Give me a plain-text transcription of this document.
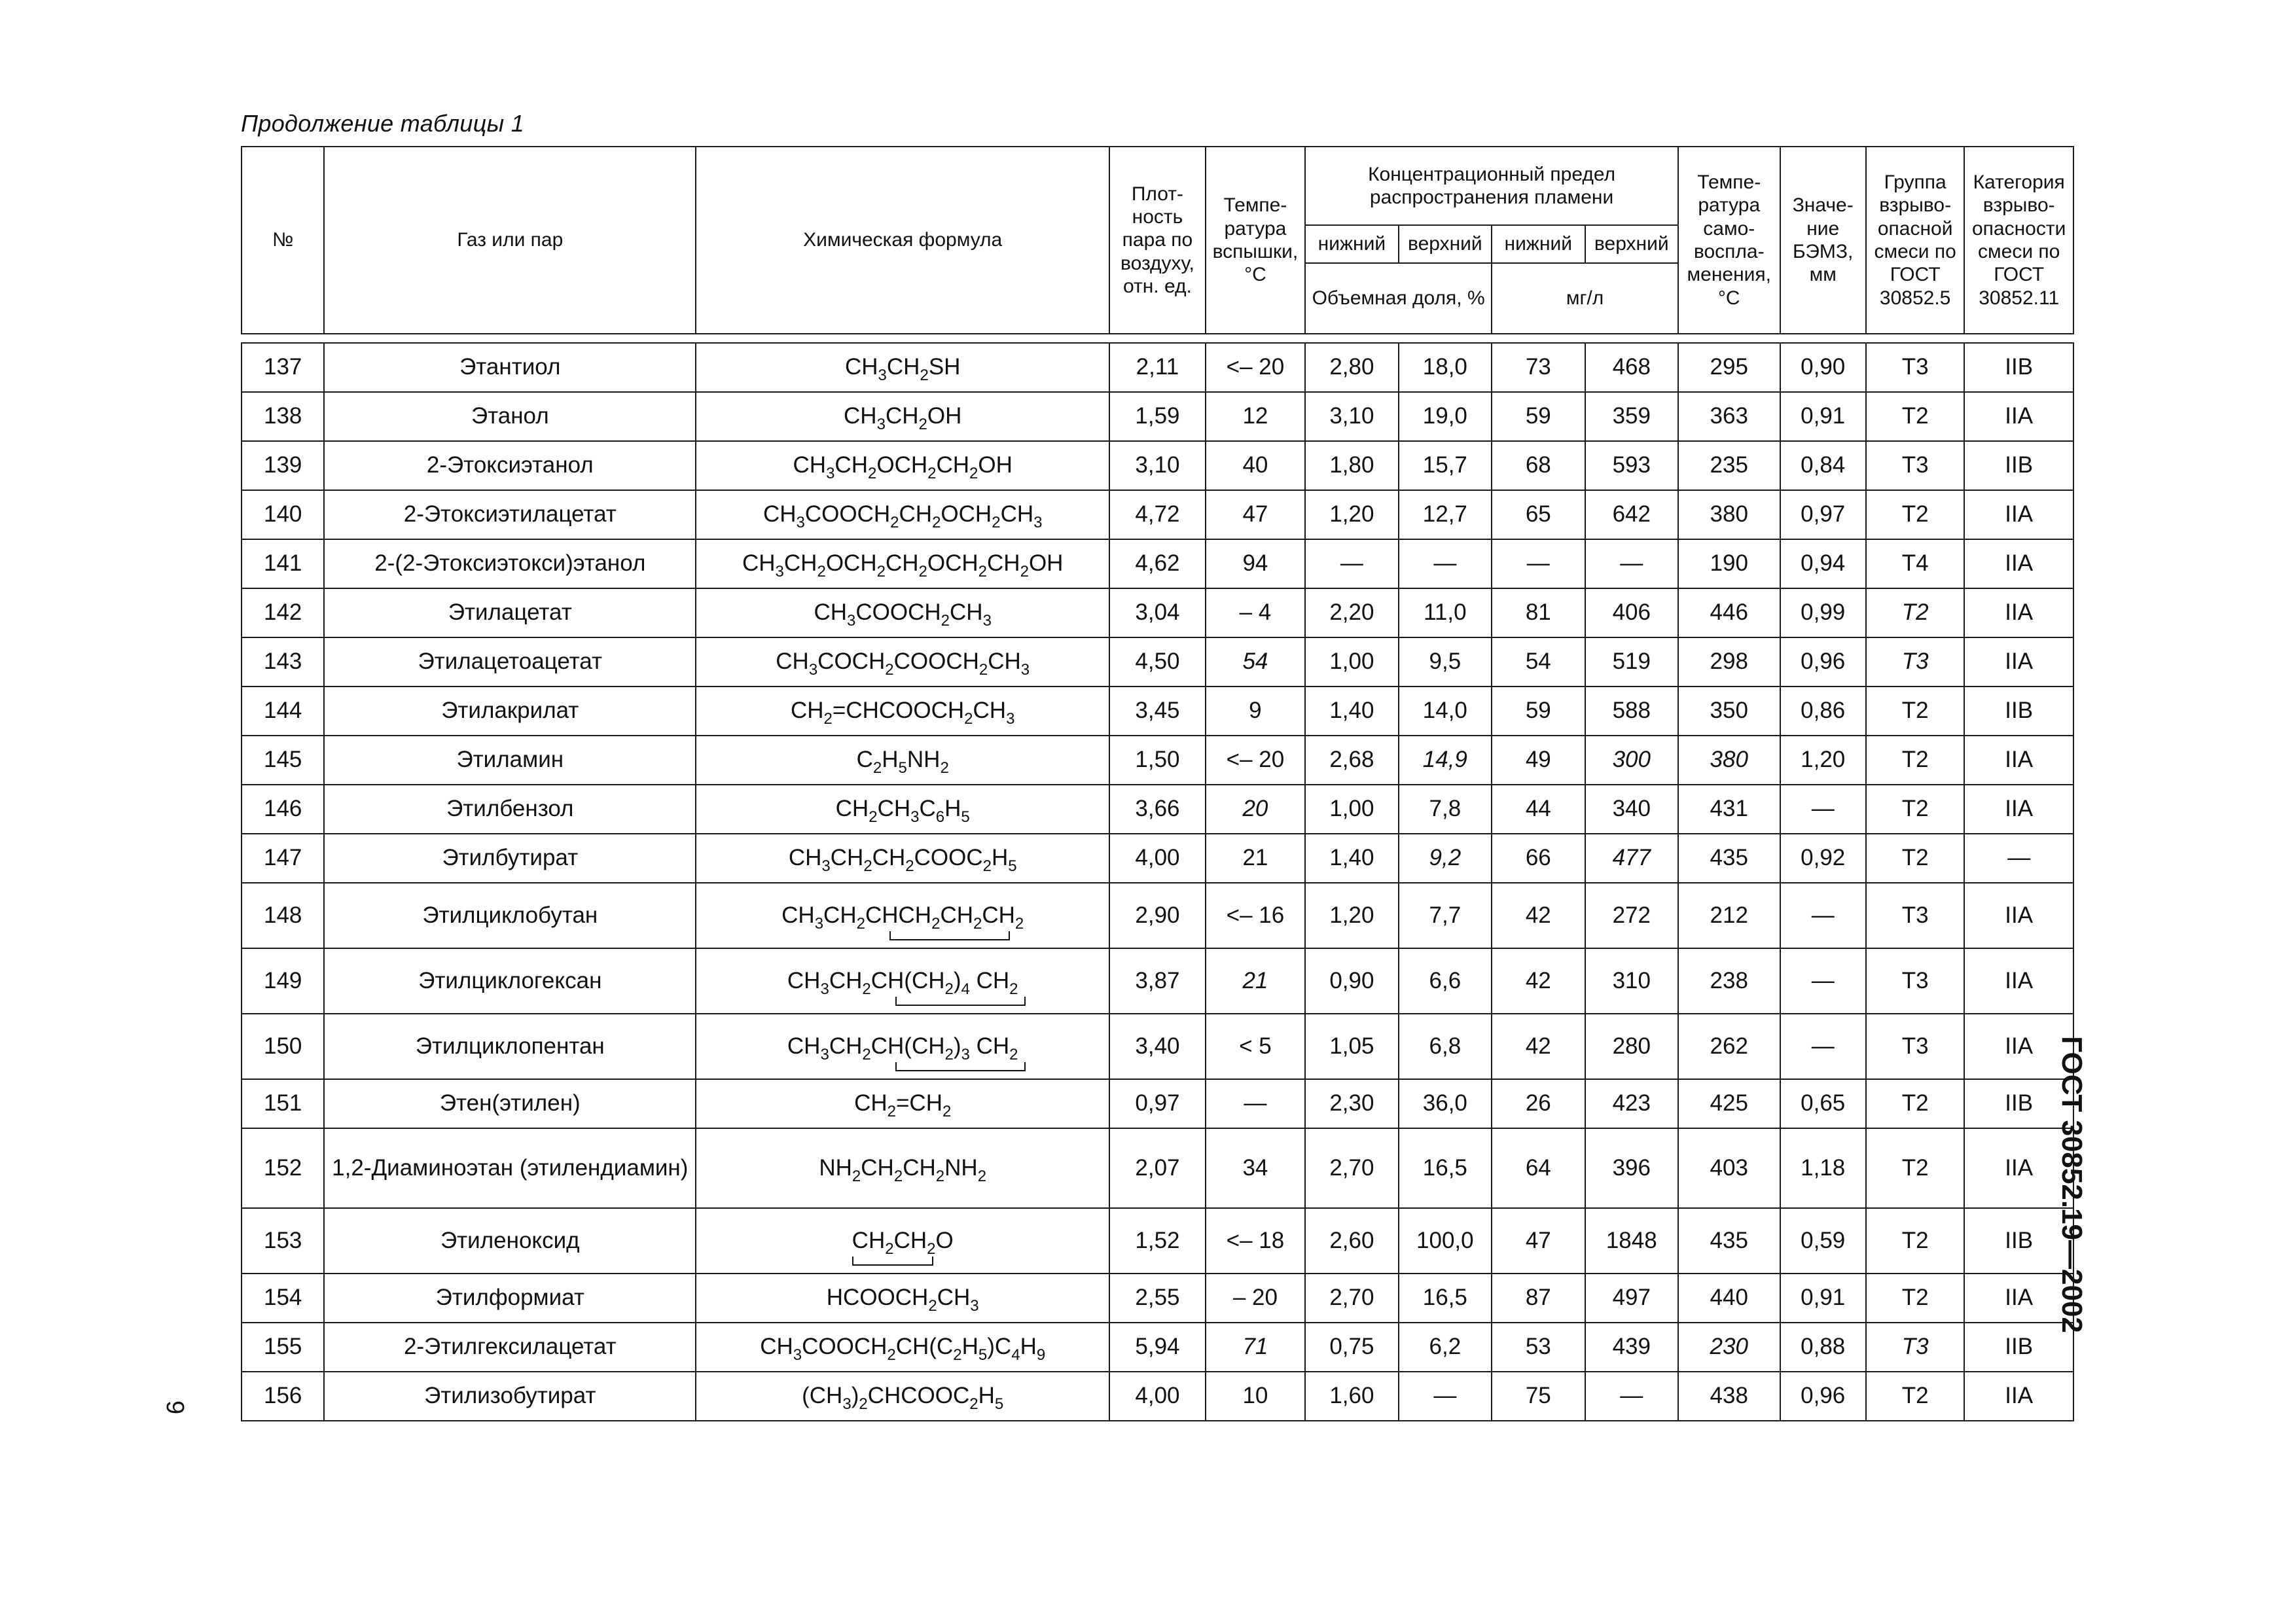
Продолжение таблицы 1
№	Газ или пар	Химическая формула	Плот-ность пара по воздуху, отн. ед.	Темпе-ратура вспышки, °С	Концентрационный предел распространения пламени				Темпе-ратура само-воспла-менения, °С	Значе-ние БЭМЗ, мм	Группа взрыво-опасной смеси по ГОСТ 30852.5	Категория взрыво-опасности смеси по ГОСТ 30852.11
					нижний	верхний	нижний	верхний				
					Объемная доля, %		мг/л					

137	Этантиол	$CH_3CH_2SH$	2,11	<– 20	2,80	18,0	73	468	295	0,90	T3	IIB
138	Этанол	$CH_3CH_2OH$	1,59	12	3,10	19,0	59	359	363	0,91	T2	IIA
139	2-Этоксиэтанол	$CH_3CH_2OCH_2CH_2OH$	3,10	40	1,80	15,7	68	593	235	0,84	T3	IIB
140	2-Этоксиэтилацетат	$CH_3COOCH_2CH_2OCH_2CH_3$	4,72	47	1,20	12,7	65	642	380	0,97	T2	IIA
141	2-(2-Этоксиэтокси)этанол	$CH_3CH_2OCH_2CH_2OCH_2CH_2OH$	4,62	94	—	—	—	—	190	0,94	T4	IIA
142	Этилацетат	$CH_3COOCH_2CH_3$	3,04	– 4	2,20	11,0	81	406	446	0,99	T2	IIA
143	Этилацетоацетат	$CH_3COCH_2COOCH_2CH_3$	4,50	54	1,00	9,5	54	519	298	0,96	T3	IIA
144	Этилакрилат	$CH_2=CHCOOCH_2CH_3$	3,45	9	1,40	14,0	59	588	350	0,86	T2	IIB
145	Этиламин	$C_2H_5NH_2$	1,50	<– 20	2,68	14,9	49	300	380	1,20	T2	IIA
146	Этилбензол	$CH_2CH_3C_6H_5$	3,66	20	1,00	7,8	44	340	431	—	T2	IIA
147	Этилбутират	$CH_3CH_2CH_2COOC_2H_5$	4,00	21	1,40	9,2	66	477	435	0,92	T2	—
148	Этилциклобутан	$CH_3CH_2CHCH_2CH_2CH_2$	2,90	<– 16	1,20	7,7	42	272	212	—	T3	IIA
149	Этилциклогексан	$CH_3CH_2CH(CH_2)_4$ $CH_2$	3,87	21	0,90	6,6	42	310	238	—	T3	IIA
150	Этилциклопентан	$CH_3CH_2CH(CH_2)_3$ $CH_2$	3,40	< 5	1,05	6,8	42	280	262	—	T3	IIA
151	Этен(этилен)	$CH_2=CH_2$	0,97	—	2,30	36,0	26	423	425	0,65	T2	IIB
152	1,2-Диаминоэтан (этилендиамин)	$NH_2CH_2CH_2NH_2$	2,07	34	2,70	16,5	64	396	403	1,18	T2	IIA
153	Этиленоксид	$CH_2CH_2O$	1,52	<– 18	2,60	100,0	47	1848	435	0,59	T2	IIB
154	Этилформиат	$HCOOCH_2CH_3$	2,55	– 20	2,70	16,5	87	497	440	0,91	T2	IIA
155	2-Этилгексилацетат	$CH_3COOCH_2CH(C_2H_5)C_4H_9$	5,94	71	0,75	6,2	53	439	230	0,88	T3	IIB
156	Этилизобутират	$(CH_3)_2CHCOOC_2H_5$	4,00	10	1,60	—	75	—	438	0,96	T2	IIA
ГОСТ 30852.19—2002
9
